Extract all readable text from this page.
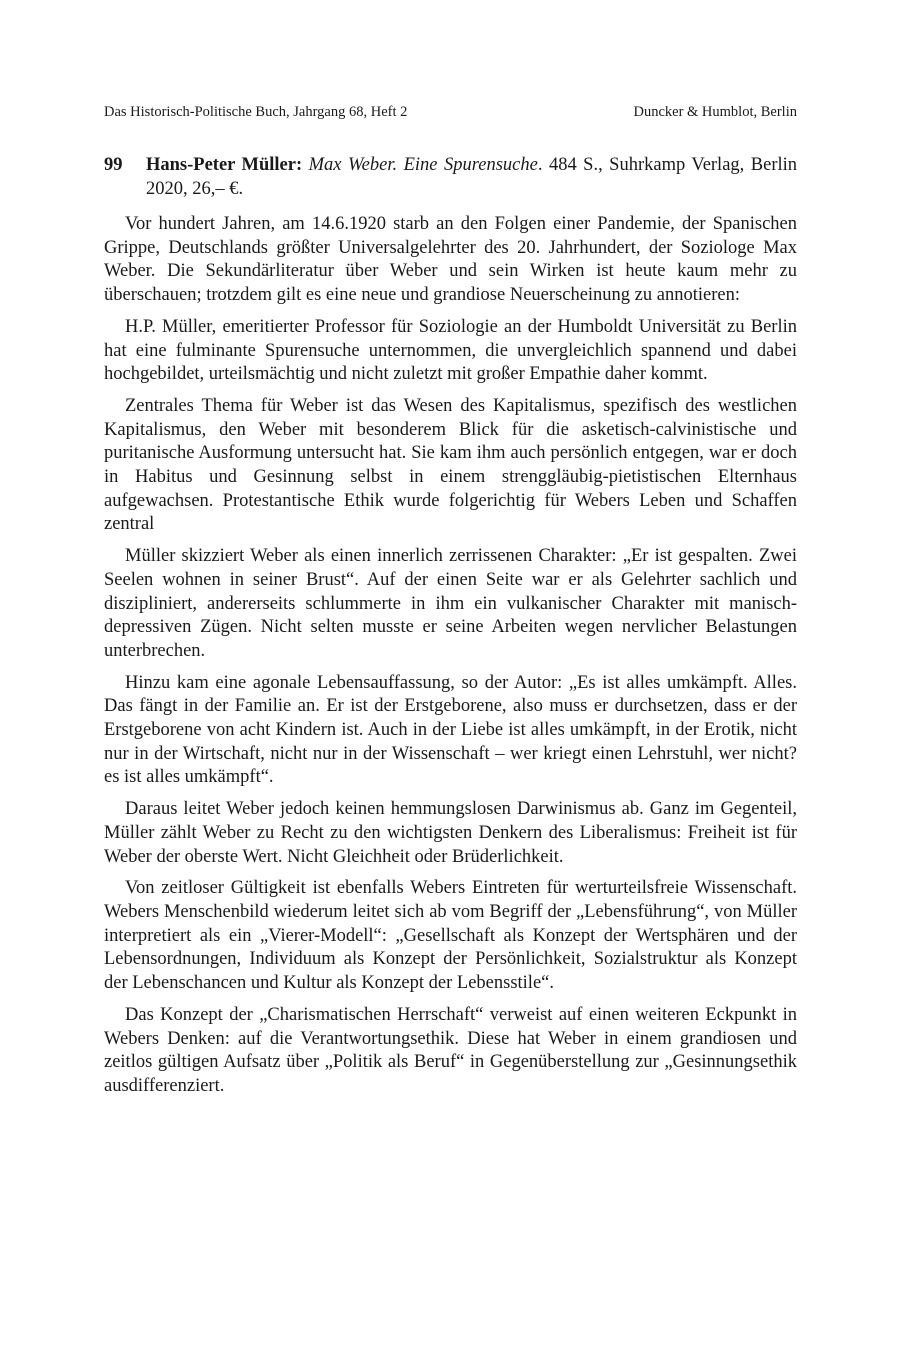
Das Historisch-Politische Buch, Jahrgang 68, Heft 2	Duncker & Humblot, Berlin
99 Hans-Peter Müller: Max Weber. Eine Spurensuche. 484 S., Suhrkamp Verlag, Berlin 2020, 26,– €.

Vor hundert Jahren, am 14.6.1920 starb an den Folgen einer Pandemie, der Spanischen Grippe, Deutschlands größter Universalgelehrter des 20. Jahrhundert, der Soziologe Max Weber. Die Sekundärliteratur über Weber und sein Wirken ist heute kaum mehr zu überschauen; trotzdem gilt es eine neue und grandiose Neuerscheinung zu annotieren:

H.P. Müller, emeritierter Professor für Soziologie an der Humboldt Universität zu Berlin hat eine fulminante Spurensuche unternommen, die unvergleichlich spannend und dabei hochgebildet, urteilsmächtig und nicht zuletzt mit großer Empathie daher kommt.

Zentrales Thema für Weber ist das Wesen des Kapitalismus, spezifisch des westlichen Kapitalismus, den Weber mit besonderem Blick für die asketisch-calvinistische und puritanische Ausformung untersucht hat. Sie kam ihm auch persönlich entgegen, war er doch in Habitus und Gesinnung selbst in einem strenggläubig-pietistischen Elternhaus aufgewachsen. Protestantische Ethik wurde folgerichtig für Webers Leben und Schaffen zentral

Müller skizziert Weber als einen innerlich zerrissenen Charakter: „Er ist gespalten. Zwei Seelen wohnen in seiner Brust“. Auf der einen Seite war er als Gelehrter sachlich und diszipliniert, andererseits schlummerte in ihm ein vulkanischer Charakter mit manisch-depressiven Zügen. Nicht selten musste er seine Arbeiten wegen nervlicher Belastungen unterbrechen.

Hinzu kam eine agonale Lebensauffassung, so der Autor: „Es ist alles umkämpft. Alles. Das fängt in der Familie an. Er ist der Erstgeborene, also muss er durchsetzen, dass er der Erstgeborene von acht Kindern ist. Auch in der Liebe ist alles umkämpft, in der Erotik, nicht nur in der Wirtschaft, nicht nur in der Wissenschaft – wer kriegt einen Lehrstuhl, wer nicht? es ist alles umkämpft“.

Daraus leitet Weber jedoch keinen hemmungslosen Darwinismus ab. Ganz im Gegenteil, Müller zählt Weber zu Recht zu den wichtigsten Denkern des Liberalismus: Freiheit ist für Weber der oberste Wert. Nicht Gleichheit oder Brüderlichkeit.

Von zeitloser Gültigkeit ist ebenfalls Webers Eintreten für werturteilsfreie Wissenschaft. Webers Menschenbild wiederum leitet sich ab vom Begriff der „Lebensführung“, von Müller interpretiert als ein „Vierer-Modell“: „Gesellschaft als Konzept der Wertsphären und der Lebensordnungen, Individuum als Konzept der Persönlichkeit, Sozialstruktur als Konzept der Lebenschancen und Kultur als Konzept der Lebensstile“.

Das Konzept der „Charismatischen Herrschaft“ verweist auf einen weiteren Eckpunkt in Webers Denken: auf die Verantwortungsethik. Diese hat Weber in einem grandiosen und zeitlos gültigen Aufsatz über „Politik als Beruf“ in Gegenüberstellung zur „Gesinnungsethik ausdifferenziert.
